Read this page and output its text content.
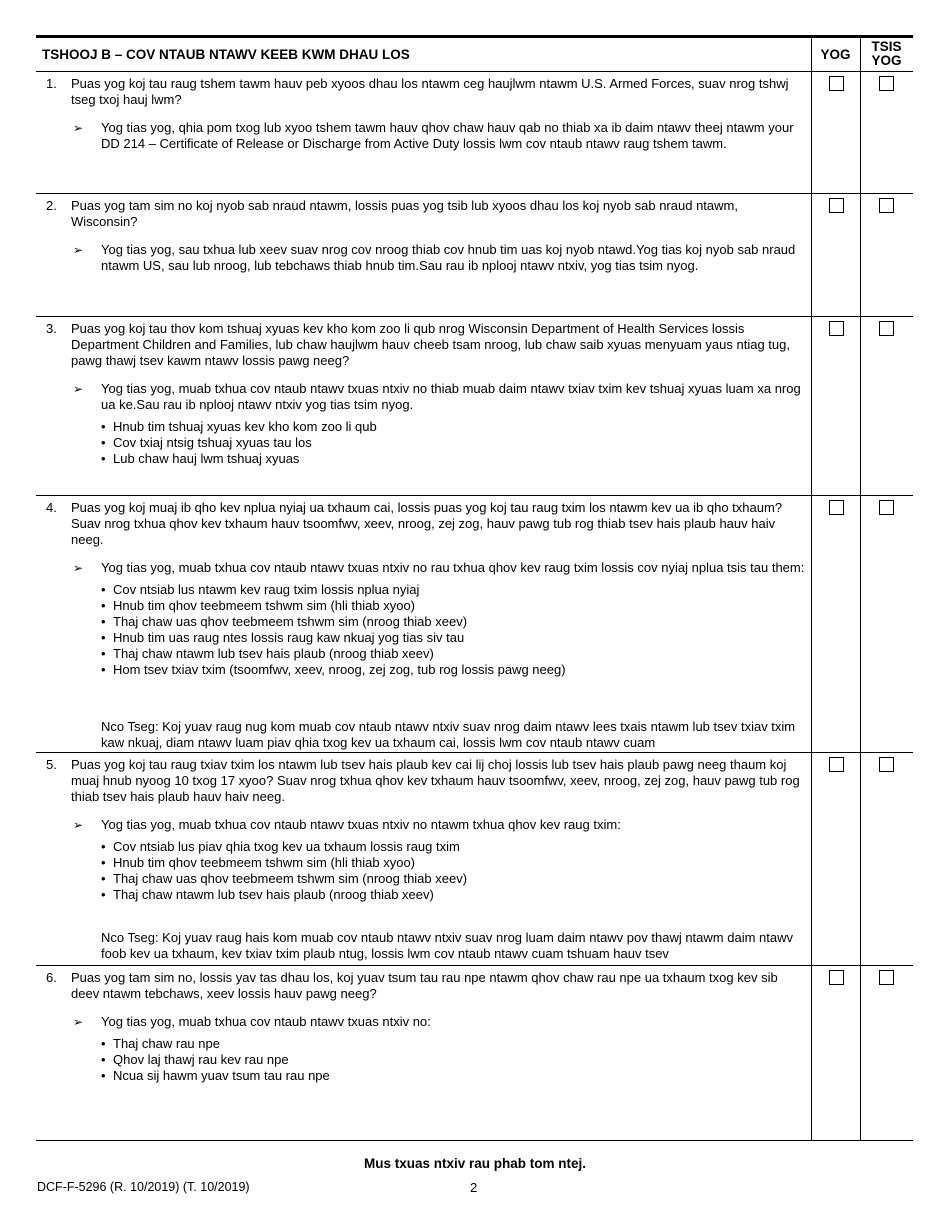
TSHOOJ B – COV NTAUB NTAWV KEEB KWM DHAU LOS	YOG
TSIS
YOG
1. Puas yog koj tau raug tshem tawm hauv peb xyoos dhau los ntawm ceg haujlwm ntawm U.S. Armed Forces, suav nrog tshwj tseg txoj hauj lwm?
➢ Yog tias yog, qhia pom txog lub xyoo tshem tawm hauv qhov chaw hauv qab no thiab xa ib daim ntawv theej ntawm your DD 214 – Certificate of Release or Discharge from Active Duty lossis lwm cov ntaub ntawv raug tshem tawm.
2. Puas yog tam sim no koj nyob sab nraud ntawm, lossis puas yog tsib lub xyoos dhau los koj nyob sab nraud ntawm, Wisconsin?
➢ Yog tias yog, sau txhua lub xeev suav nrog cov nroog thiab cov hnub tim uas koj nyob ntawd.Yog tias koj nyob sab nraud ntawm US, sau lub nroog, lub tebchaws thiab hnub tim.Sau rau ib nplooj ntawv ntxiv, yog tias tsim nyog.
3. Puas yog koj tau thov kom tshuaj xyuas kev kho kom zoo li qub nrog Wisconsin Department of Health Services lossis Department Children and Families, lub chaw haujlwm hauv cheeb tsam nroog, lub chaw saib xyuas menyuam yaus ntiag tug, pawg thawj tsev kawm ntawv lossis pawg neeg?
➢ Yog tias yog, muab txhua cov ntaub ntawv txuas ntxiv no thiab muab daim ntawv txiav txim kev tshuaj xyuas luam xa nrog ua ke.Sau rau ib nplooj ntawv ntxiv yog tias tsim nyog.
• Hnub tim tshuaj xyuas kev kho kom zoo li qub
• Cov txiaj ntsig tshuaj xyuas tau los
• Lub chaw hauj lwm tshuaj xyuas
4. Puas yog koj muaj ib qho kev nplua nyiaj ua txhaum cai, lossis puas yog koj tau raug txim los ntawm kev ua ib qho txhaum? Suav nrog txhua qhov kev txhaum hauv tsoomfwv, xeev, nroog, zej zog, hauv pawg tub rog thiab tsev hais plaub hauv haiv neeg.
➢ Yog tias yog, muab txhua cov ntaub ntawv txuas ntxiv no rau txhua qhov kev raug txim lossis cov nyiaj nplua tsis tau them:
• Cov ntsiab lus ntawm kev raug txim lossis nplua nyiaj
• Hnub tim qhov teebmeem tshwm sim (hli thiab xyoo)
• Thaj chaw uas qhov teebmeem tshwm sim (nroog thiab xeev)
• Hnub tim uas raug ntes lossis raug kaw nkuaj yog tias siv tau
• Thaj chaw ntawm lub tsev hais plaub (nroog thiab xeev)
• Hom tsev txiav txim (tsoomfwv, xeev, nroog, zej zog, tub rog lossis pawg neeg)
Nco Tseg: Koj yuav raug nug kom muab cov ntaub ntawv ntxiv suav nrog daim ntawv lees txais ntawm lub tsev txiav txim kaw nkuaj, diam ntawv luam piav qhia txog kev ua txhaum cai, lossis lwm cov ntaub ntawv cuam
5. Puas yog koj tau raug txiav txim los ntawm lub tsev hais plaub kev cai lij choj lossis lub tsev hais plaub pawg neeg thaum koj muaj hnub nyoog 10 txog 17 xyoo? Suav nrog txhua qhov kev txhaum hauv tsoomfwv, xeev, nroog, zej zog, hauv pawg tub rog thiab tsev hais plaub hauv haiv neeg.
➢ Yog tias yog, muab txhua cov ntaub ntawv txuas ntxiv no ntawm txhua qhov kev raug txim:
• Cov ntsiab lus piav qhia txog kev ua txhaum lossis raug txim
• Hnub tim qhov teebmeem tshwm sim (hli thiab xyoo)
• Thaj chaw uas qhov teebmeem tshwm sim (nroog thiab xeev)
• Thaj chaw ntawm lub tsev hais plaub (nroog thiab xeev)
Nco Tseg: Koj yuav raug hais kom muab cov ntaub ntawv ntxiv suav nrog luam daim ntawv pov thawj ntawm daim ntawv foob kev ua txhaum, kev txiav txim plaub ntug, lossis lwm cov ntaub ntawv cuam tshuam hauv tsev
6. Puas yog tam sim no, lossis yav tas dhau los, koj yuav tsum tau rau npe ntawm qhov chaw rau npe ua txhaum txog kev sib deev ntawm tebchaws, xeev lossis hauv pawg neeg?
➢ Yog tias yog, muab txhua cov ntaub ntawv txuas ntxiv no:
• Thaj chaw rau npe
• Qhov laj thawj rau kev rau npe
• Ncua sij hawm yuav tsum tau rau npe
Mus txuas ntxiv rau phab tom ntej.
DCF-F-5296 (R. 10/2019) (T. 10/2019)	2
